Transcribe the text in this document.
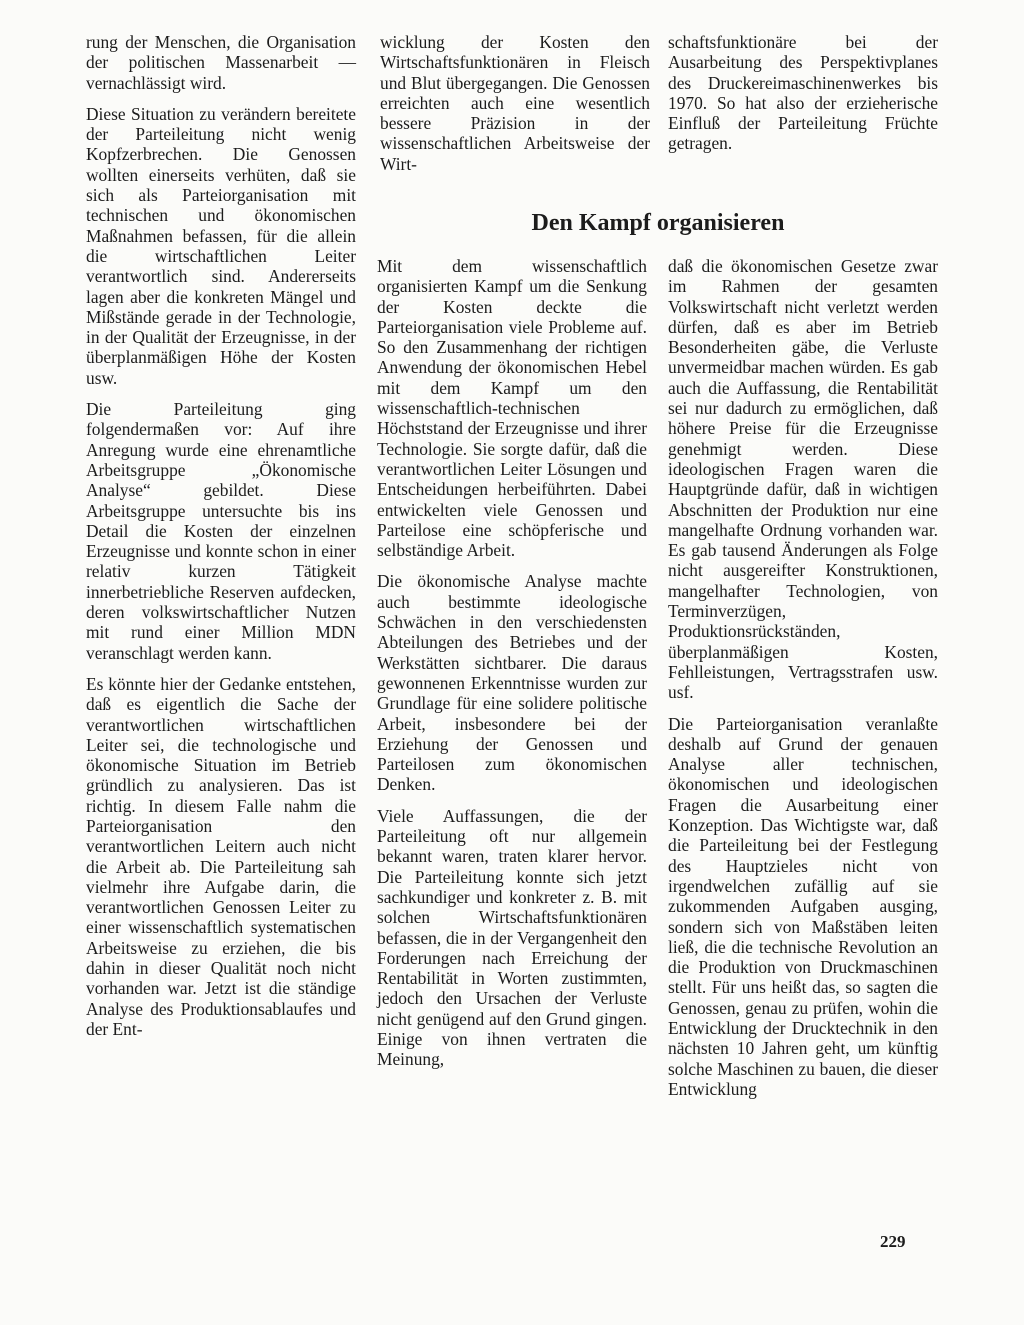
rung der Menschen, die Organisation der politischen Massenarbeit — vernachlässigt wird.

Diese Situation zu verändern bereitete der Parteileitung nicht wenig Kopfzerbrechen. Die Genossen wollten einerseits verhüten, daß sie sich als Parteiorganisation mit technischen und ökonomischen Maßnahmen befassen, für die allein die wirtschaftlichen Leiter verantwortlich sind. Andererseits lagen aber die konkreten Mängel und Mißstände gerade in der Technologie, in der Qualität der Erzeugnisse, in der überplanmäßigen Höhe der Kosten usw.

Die Parteileitung ging folgendermaßen vor: Auf ihre Anregung wurde eine ehrenamtliche Arbeitsgruppe „Ökonomische Analyse“ gebildet. Diese Arbeitsgruppe untersuchte bis ins Detail die Kosten der einzelnen Erzeugnisse und konnte schon in einer relativ kurzen Tätigkeit innerbetriebliche Reserven aufdecken, deren volkswirtschaftlicher Nutzen mit rund einer Million MDN veranschlagt werden kann.

Es könnte hier der Gedanke entstehen, daß es eigentlich die Sache der verantwortlichen wirtschaftlichen Leiter sei, die technologische und ökonomische Situation im Betrieb gründlich zu analysieren. Das ist richtig. In diesem Falle nahm die Parteiorganisation den verantwortlichen Leitern auch nicht die Arbeit ab. Die Parteileitung sah vielmehr ihre Aufgabe darin, die verantwortlichen Genossen Leiter zu einer wissenschaftlich systematischen Arbeitsweise zu erziehen, die bis dahin in dieser Qualität noch nicht vorhanden war. Jetzt ist die ständige Analyse des Produktionsablaufes und der Ent-

wicklung der Kosten den Wirtschaftsfunktionären in Fleisch und Blut übergegangen. Die Genossen erreichten auch eine wesentlich bessere Präzision in der wissenschaftlichen Arbeitsweise der Wirt-

schaftsfunktionäre bei der Ausarbeitung des Perspektivplanes des Druckereimaschinenwerkes bis 1970. So hat also der erzieherische Einfluß der Parteileitung Früchte getragen.

Den Kampf organisieren

Mit dem wissenschaftlich organisierten Kampf um die Senkung der Kosten deckte die Parteiorganisation viele Probleme auf. So den Zusammenhang der richtigen Anwendung der ökonomischen Hebel mit dem Kampf um den wissenschaftlich-technischen Höchststand der Erzeugnisse und ihrer Technologie. Sie sorgte dafür, daß die verantwortlichen Leiter Lösungen und Entscheidungen herbeiführten. Dabei entwickelten viele Genossen und Parteilose eine schöpferische und selbständige Arbeit.

Die ökonomische Analyse machte auch bestimmte ideologische Schwächen in den verschiedensten Abteilungen des Betriebes und der Werkstätten sichtbarer. Die daraus gewonnenen Erkenntnisse wurden zur Grundlage für eine solidere politische Arbeit, insbesondere bei der Erziehung der Genossen und Parteilosen zum ökonomischen Denken.

Viele Auffassungen, die der Parteileitung oft nur allgemein bekannt waren, traten klarer hervor. Die Parteileitung konnte sich jetzt sachkundiger und konkreter z. B. mit solchen Wirtschaftsfunktionären befassen, die in der Vergangenheit den Forderungen nach Erreichung der Rentabilität in Worten zustimmten, jedoch den Ursachen der Verluste nicht genügend auf den Grund gingen. Einige von ihnen vertraten die Meinung,

daß die ökonomischen Gesetze zwar im Rahmen der gesamten Volkswirtschaft nicht verletzt werden dürfen, daß es aber im Betrieb Besonderheiten gäbe, die Verluste unvermeidbar machen würden. Es gab auch die Auffassung, die Rentabilität sei nur dadurch zu ermöglichen, daß höhere Preise für die Erzeugnisse genehmigt werden. Diese ideologischen Fragen waren die Hauptgründe dafür, daß in wichtigen Abschnitten der Produktion nur eine mangelhafte Ordnung vorhanden war. Es gab tausend Änderungen als Folge nicht ausgereifter Konstruktionen, mangelhafter Technologien, von Terminverzügen, Produktionsrückständen, überplanmäßigen Kosten, Fehlleistungen, Vertragsstrafen usw. usf.

Die Parteiorganisation veranlaßte deshalb auf Grund der genauen Analyse aller technischen, ökonomischen und ideologischen Fragen die Ausarbeitung einer Konzeption. Das Wichtigste war, daß die Parteileitung bei der Festlegung des Hauptzieles nicht von irgendwelchen zufällig auf sie zukommenden Aufgaben ausging, sondern sich von Maßstäben leiten ließ, die die technische Revolution an die Produktion von Druckmaschinen stellt. Für uns heißt das, so sagten die Genossen, genau zu prüfen, wohin die Entwicklung der Drucktechnik in den nächsten 10 Jahren geht, um künftig solche Maschinen zu bauen, die dieser Entwicklung

229
